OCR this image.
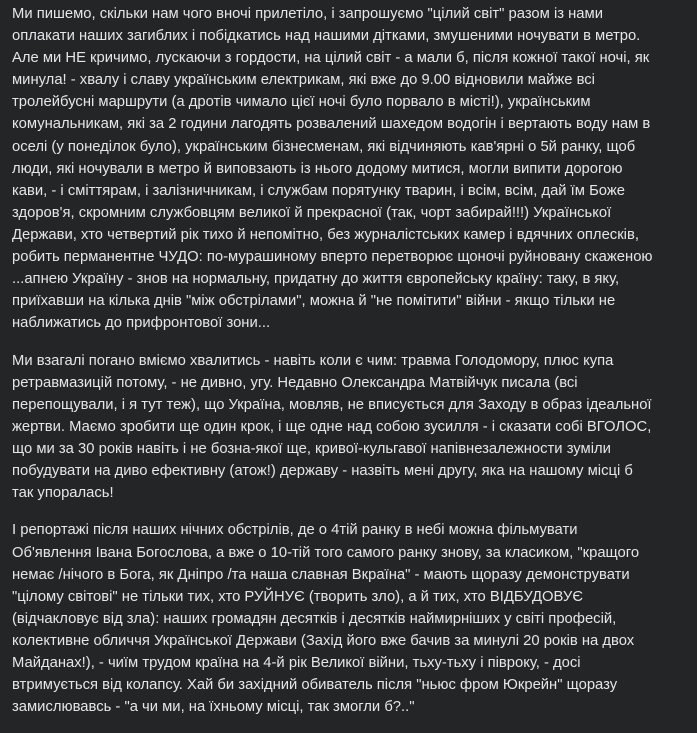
Ми пишемо, скільки нам чого вночі прилетіло, і запрошуємо "цілий світ" разом із нами
оплакати наших загиблих і побідкатись над нашими дітками, змушеними ночувати в метро.
Але ми НЕ кричимо, лускаючи з гордости, на цілий світ - а мали б, після кожної такої ночі, як
минула! - хвалу і славу українським електрикам, які вже до 9.00 відновили майже всі
тролейбусні маршрути (а дротів чимало цієї ночі було порвало в місті!), українським
комунальникам, які за 2 години лагодять розвалений шахедом водогін і вертають воду нам в
оселі (у понеділок було), українським бізнесменам, які відчиняють кав'ярні о 5й ранку, щоб
люди, які ночували в метро й виповзають із нього додому митися, могли випити дорогою
кави, - і сміттярам, і залізничникам, і службам порятунку тварин, і всім, всім, дай їм Боже
здоров'я, скромним службовцям великої й прекрасної (так, чорт забирай!!!) Української
Держави, хто четвертий рік тихо й непомітно, без журналістських камер і вдячних оплесків,
робить перманентне ЧУДО: по-мурашиному вперто перетворює щоночі руйновану скаженою
...апнею Україну - знов на нормальну, придатну до життя європейську країну: таку, в яку,
приїхавши на кілька днів "між обстрілами", можна й "не помітити" війни - якщо тільки не
наближатись до прифронтової зони...
Ми взагалі погано вміємо хвалитись - навіть коли є чим: травма Голодомору, плюс купа
ретравмазицій потому, - не дивно, угу. Недавно Олександра Матвійчук писала (всі
перепощували, і я тут теж), що Україна, мовляв, не вписується для Заходу в образ ідеальної
жертви. Маємо зробити ще один крок, і ще одне над собою зусилля - і сказати собі ВГОЛОС,
що ми за 30 років навіть і не бозна-якої ще, кривої-кульгавої напівнезалежности зуміли
побудувати на диво ефективну (атож!) державу - назвіть мені другу, яка на нашому місці б
так упоралась!
І репортажі після наших нічних обстрілів, де о 4тій ранку в небі можна фільмувати
Об'явлення Івана Богослова, а вже о 10-тій того самого ранку знову, за класиком, "кращого
немає /нічого в Бога, як Дніпро /та наша славная Вкраїна" - мають щоразу демонструвати
"цілому світові" не тільки тих, хто РУЙНУЄ (творить зло), а й тих, хто ВІДБУДОВУЄ
(відчакловує від зла): наших громадян десятків і десятків наймирніших у світі професій,
колективне обличчя Української Держави (Захід його вже бачив за минулі 20 років на двох
Майданах!), - чиїм трудом країна на 4-й рік Великої війни, тьху-тьху і півроку, - досі
втримується від колапсу. Хай би західний обиватель після "ньюс фром Юкрейн" щоразу
замислювавсь - "а чи ми, на їхньому місці, так змогли б?.."
